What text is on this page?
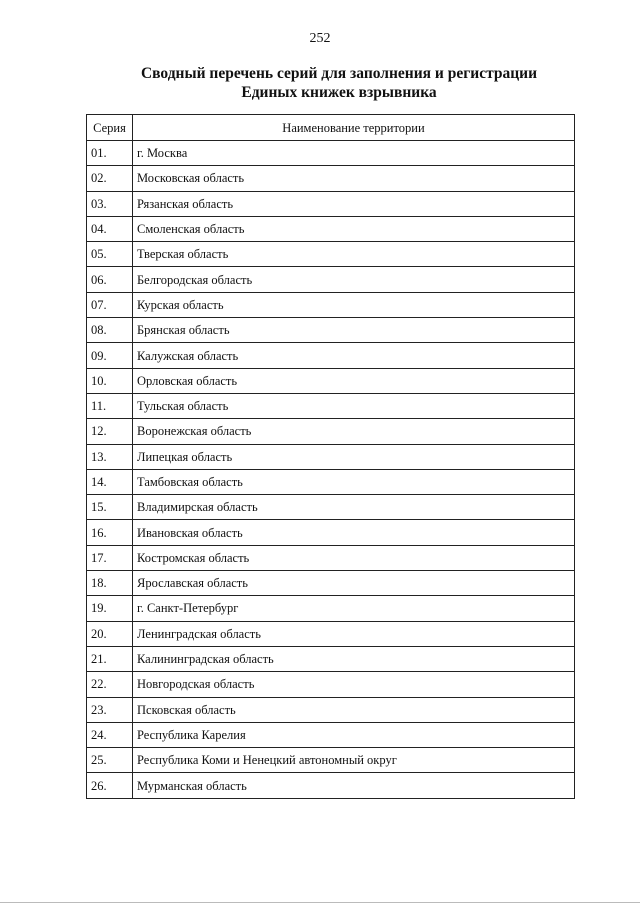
252
Сводный перечень серий для заполнения и регистрации
Единых книжек взрывника
Серия	Наименование территории
01.	г. Москва
02.	Московская область
03.	Рязанская область
04.	Смоленская область
05.	Тверская область
06.	Белгородская область
07.	Курская область
08.	Брянская область
09.	Калужская область
10.	Орловская область
11.	Тульская область
12.	Воронежская область
13.	Липецкая область
14.	Тамбовская область
15.	Владимирская область
16.	Ивановская область
17.	Костромская область
18.	Ярославская область
19.	г. Санкт-Петербург
20.	Ленинградская область
21.	Калининградская область
22.	Новгородская область
23.	Псковская область
24.	Республика Карелия
25.	Республика Коми и Ненецкий автономный округ
26.	Мурманская область
